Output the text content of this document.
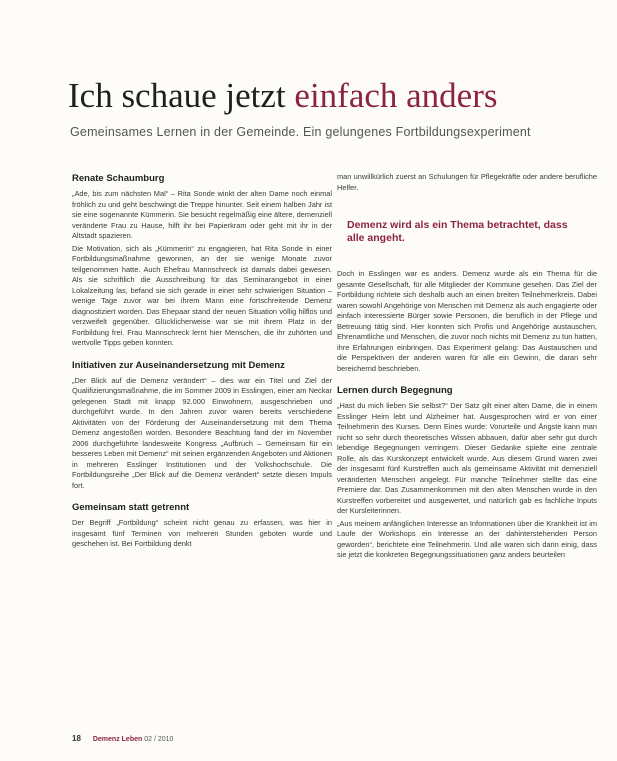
Ich schaue jetzt einfach anders
Gemeinsames Lernen in der Gemeinde. Ein gelungenes Fortbildungsexperiment
Renate Schaumburg

„Ade, bis zum nächsten Mal“ – Rita Sonde winkt der alten Dame noch einmal fröhlich zu und geht beschwingt die Treppe hinunter. Seit einem halben Jahr ist sie eine sogenannte Kümmerin. Sie besucht regelmäßig eine ältere, demenziell veränderte Frau zu Hause, hilft ihr bei Papierkram oder geht mit ihr in der Altstadt spazieren.

Die Motivation, sich als „Kümmerin“ zu engagieren, hat Rita Sonde in einer Fortbildungsmaßnahme gewonnen, an der sie wenige Monate zuvor teilgenommen hatte. Auch Ehefrau Mannschreck ist damals dabei gewesen. Als sie schriftlich die Ausschreibung für das Seminarangebot in einer Lokalzeitung las, befand sie sich gerade in einer sehr schwierigen Situation – wenige Tage zuvor war bei ihrem Mann eine fortschreitende Demenz diagnostiziert worden. Das Ehepaar stand der neuen Situation völlig hilflos und verzweifelt gegenüber. Glücklicherweise war sie mit ihrem Platz in der Fortbildung frei. Frau Mannschreck lernt hier Menschen, die ihr zuhörten und wertvolle Tipps geben konnten.

Initiativen zur Auseinandersetzung mit Demenz

„Der Blick auf die Demenz verändert“ – dies war ein Titel und Ziel der Qualifizierungsmaßnahme, die im Sommer 2009 in Esslingen, einer am Neckar gelegenen Stadt mit knapp 92.000 Einwohnern, ausgeschrieben und durchgeführt wurde. In den Jahren zuvor waren bereits verschiedene Aktivitäten von der Förderung der Auseinandersetzung mit dem Thema Demenz angestoßen worden. Besondere Beachtung fand der im November 2006 durchgeführte landesweite Kongress „Aufbruch – Gemeinsam für ein besseres Leben mit Demenz“ mit seinen ergänzenden Angeboten und Aktionen in mehreren Esslinger Institutionen und der Volkshochschule. Die Fortbildungsreihe „Der Blick auf die Demenz verändert“ setzte diesen Impuls fort.

Gemeinsam statt getrennt

Der Begriff „Fortbildung“ scheint nicht genau zu erfassen, was hier in insgesamt fünf Terminen von mehreren Stunden geboten wurde und geschehen ist. Bei Fortbildung denkt

man unwillkürlich zuerst an Schulungen für Pflegekräfte oder andere berufliche Helfer.

Demenz wird als ein Thema betrachtet, dass alle angeht.

Doch in Esslingen war es anders. Demenz wurde als ein Thema für die gesamte Gesellschaft, für alle Mitglieder der Kommune gesehen. Das Ziel der Fortbildung richtete sich deshalb auch an einen breiten Teilnehmerkreis. Dabei waren sowohl Angehörige von Menschen mit Demenz als auch engagierte oder einfach interessierte Bürger sowie Personen, die beruflich in der Pflege und Betreuung tätig sind. Hier konnten sich Profis und Angehörige austauschen, Ehrenamtliche und Menschen, die zuvor noch nichts mit Demenz zu tun hatten, ihre Erfahrungen einbringen. Das Experiment gelang: Das Austauschen und die Perspektiven der anderen waren für alle ein Gewinn, die daran sehr bereichernd beschrieben.

Lernen durch Begegnung

„Hast du mich lieben Sie selbst?“ Der Satz gilt einer alten Dame, die in einem Esslinger Heim lebt und Alzheimer hat. Ausgesprochen wird er von einer Teilnehmerin des Kurses. Denn Eines wurde: Vorurteile und Ängste kann man nicht so sehr durch theoretisches Wissen abbauen, dafür aber sehr gut durch lebendige Begegnungen verringern. Dieser Gedanke spielte eine zentrale Rolle, als das Kurskonzept entwickelt wurde. Aus diesem Grund waren zwei der insgesamt fünf Kurstreffen auch als gemeinsame Aktivität mit demenziell veränderten Menschen angelegt. Für manche Teilnehmer stellte das eine Premiere dar. Das Zusammenkommen mit den alten Menschen wurde in den Kurstreffen vorbereitet und ausgewertet, und natürlich gab es fachliche Inputs der Kursleiterinnen.

„Aus meinem anfänglichen Interesse an Informationen über die Krankheit ist im Laufe der Workshops ein Interesse an der dahinterstehenden Person geworden“, berichtete eine Teilnehmerin. Und alle waren sich darin einig, dass sie jetzt die konkreten Begegnungssituationen ganz anders beurteilen

18 Demenz Leben 02 / 2010
